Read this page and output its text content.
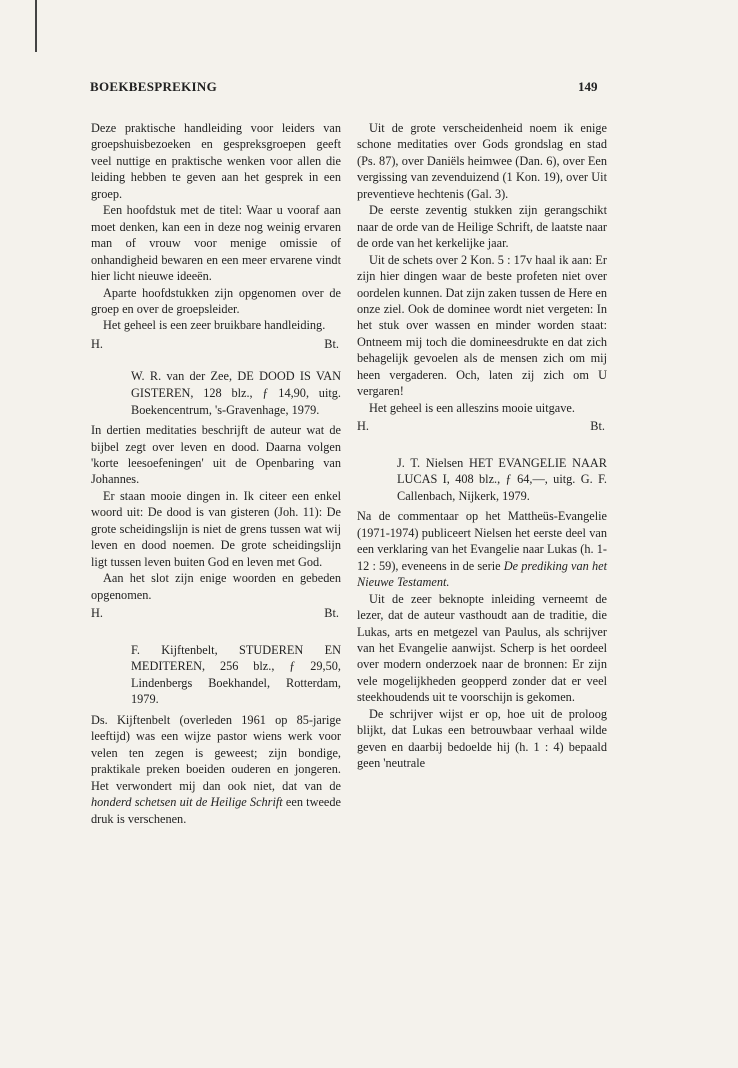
BOEKBESPREKING	149

Deze praktische handleiding voor leiders van groepshuisbezoeken en gespreksgroepen geeft veel nuttige en praktische wenken voor allen die leiding hebben te geven aan het gesprek in een groep.

Een hoofdstuk met de titel: Waar u vooraf aan moet denken, kan een in deze nog weinig ervaren man of vrouw voor menige omissie of onhandigheid bewaren en een meer ervarene vindt hier licht nieuwe ideeën.

Aparte hoofdstukken zijn opgenomen over de groep en over de groepsleider.

Het geheel is een zeer bruikbare handleiding.

H.	Bt.

W. R. van der Zee, DE DOOD IS VAN GISTEREN, 128 blz., ƒ 14,90, uitg. Boekencentrum, 's-Gravenhage, 1979.

In dertien meditaties beschrijft de auteur wat de bijbel zegt over leven en dood. Daarna volgen 'korte leesoefeningen' uit de Openbaring van Johannes.

Er staan mooie dingen in. Ik citeer een enkel woord uit: De dood is van gisteren (Joh. 11): De grote scheidingslijn is niet de grens tussen wat wij leven en dood noemen. De grote scheidingslijn ligt tussen leven buiten God en leven met God.

Aan het slot zijn enige woorden en gebeden opgenomen.

H.	Bt.

F. Kijftenbelt, STUDEREN EN MEDITEREN, 256 blz., ƒ 29,50, Lindenbergs Boekhandel, Rotterdam, 1979.

Ds. Kijftenbelt (overleden 1961 op 85-jarige leeftijd) was een wijze pastor wiens werk voor velen ten zegen is geweest; zijn bondige, praktikale preken boeiden ouderen en jongeren. Het verwondert mij dan ook niet, dat van de honderd schetsen uit de Heilige Schrift een tweede druk is verschenen.

Uit de grote verscheidenheid noem ik enige schone meditaties over Gods grondslag en stad (Ps. 87), over Daniëls heimwee (Dan. 6), over Een vergissing van zevenduizend (1 Kon. 19), over Uit preventieve hechtenis (Gal. 3).

De eerste zeventig stukken zijn gerangschikt naar de orde van de Heilige Schrift, de laatste naar de orde van het kerkelijke jaar.

Uit de schets over 2 Kon. 5 : 17v haal ik aan: Er zijn hier dingen waar de beste profeten niet over oordelen kunnen. Dat zijn zaken tussen de Here en onze ziel. Ook de dominee wordt niet vergeten: In het stuk over wassen en minder worden staat: Ontneem mij toch die domineesdrukte en dat zich behagelijk gevoelen als de mensen zich om mij heen vergaderen. Och, laten zij zich om U vergaren!

Het geheel is een alleszins mooie uitgave.

H.	Bt.

J. T. Nielsen HET EVANGELIE NAAR LUCAS I, 408 blz., ƒ 64,—, uitg. G. F. Callenbach, Nijkerk, 1979.

Na de commentaar op het Mattheüs-Evangelie (1971-1974) publiceert Nielsen het eerste deel van een verklaring van het Evangelie naar Lukas (h. 1-12 : 59), eveneens in de serie De prediking van het Nieuwe Testament.

Uit de zeer beknopte inleiding verneemt de lezer, dat de auteur vasthoudt aan de traditie, die Lukas, arts en metgezel van Paulus, als schrijver van het Evangelie aanwijst. Scherp is het oordeel over modern onderzoek naar de bronnen: Er zijn vele mogelijkheden geopperd zonder dat er veel steekhoudends uit te voorschijn is gekomen.

De schrijver wijst er op, hoe uit de proloog blijkt, dat Lukas een betrouwbaar verhaal wilde geven en daarbij bedoelde hij (h. 1 : 4) bepaald geen 'neutrale
